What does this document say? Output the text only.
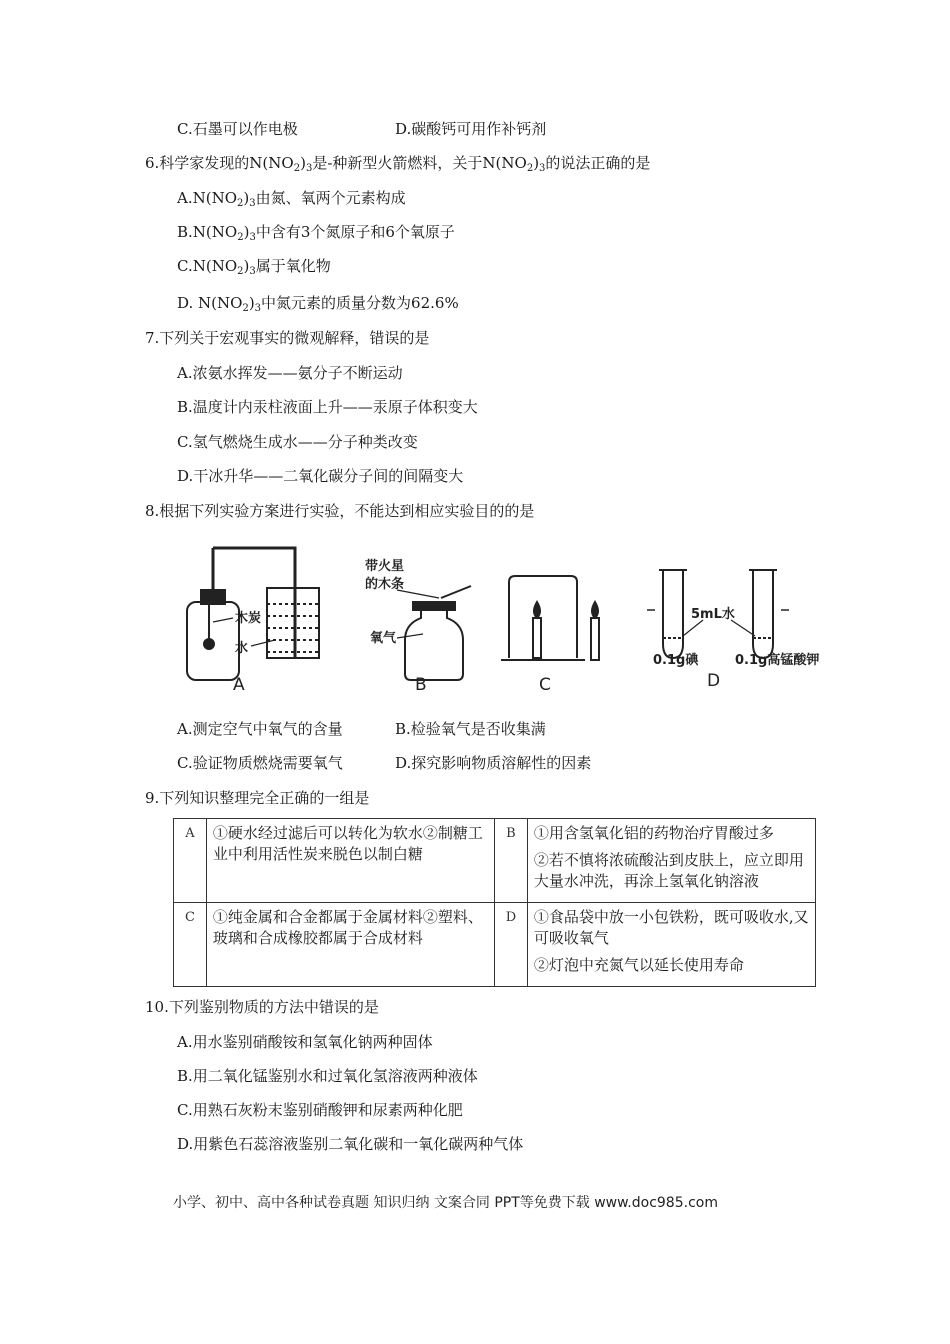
C.石墨可以作电极	D.碳酸钙可用作补钙剂
6.科学家发现的$N(NO_2)_3$是-种新型火箭燃料，关于$N(NO_2)_3$的说法正确的是
$A.N(NO_2)_3$由氮、氧两个元素构成
$B.N(NO_2)_3$中含有3个氮原子和6个氧原子
$C.N(NO_2)_3$属于氧化物
D. $N(NO_2)_3$中氮元素的质量分数为62.6%
7.下列关于宏观事实的微观解释，错误的是
A.浓氨水挥发——氨分子不断运动
B.温度计内汞柱液面上升——汞原子体积变大
C.氢气燃烧生成水——分子种类改变
D.干冰升华——二氧化碳分子间的间隔变大
8.根据下列实验方案进行实验，不能达到相应实验目的的是
木炭
水
A
带火星
的木条
氧气
B	C
5mL水
0.1g碘	0.1g高锰酸钾
D
A.测定空气中氧气的含量	B.检验氧气是否收集满
C.验证物质燃烧需要氧气	D.探究影响物质溶解性的因素
9.下列知识整理完全正确的一组是
A	①硬水经过滤后可以转化为软水②制糖工业中利用活性炭来脱色以制白糖	B	①用含氢氧化铝的药物治疗胃酸过多

②若不慎将浓硫酸沾到皮肤上，应立即用大量水冲洗，再涂上氢氧化钠溶液

C	①纯金属和合金都属于金属材料②塑料、玻璃和合成橡胶都属于合成材料	D	①食品袋中放一小包铁粉，既可吸收水,又可吸收氧气

②灯泡中充氮气以延长使用寿命

10.下列鉴别物质的方法中错误的是
A.用水鉴别硝酸铵和氢氧化钠两种固体
B.用二氧化锰鉴别水和过氧化氢溶液两种液体
C.用熟石灰粉末鉴别硝酸钾和尿素两种化肥
D.用紫色石蕊溶液鉴别二氧化碳和一氧化碳两种气体
小学、初中、高中各种试卷真题 知识归纳 文案合同 PPT等免费下载 www.doc985.com
